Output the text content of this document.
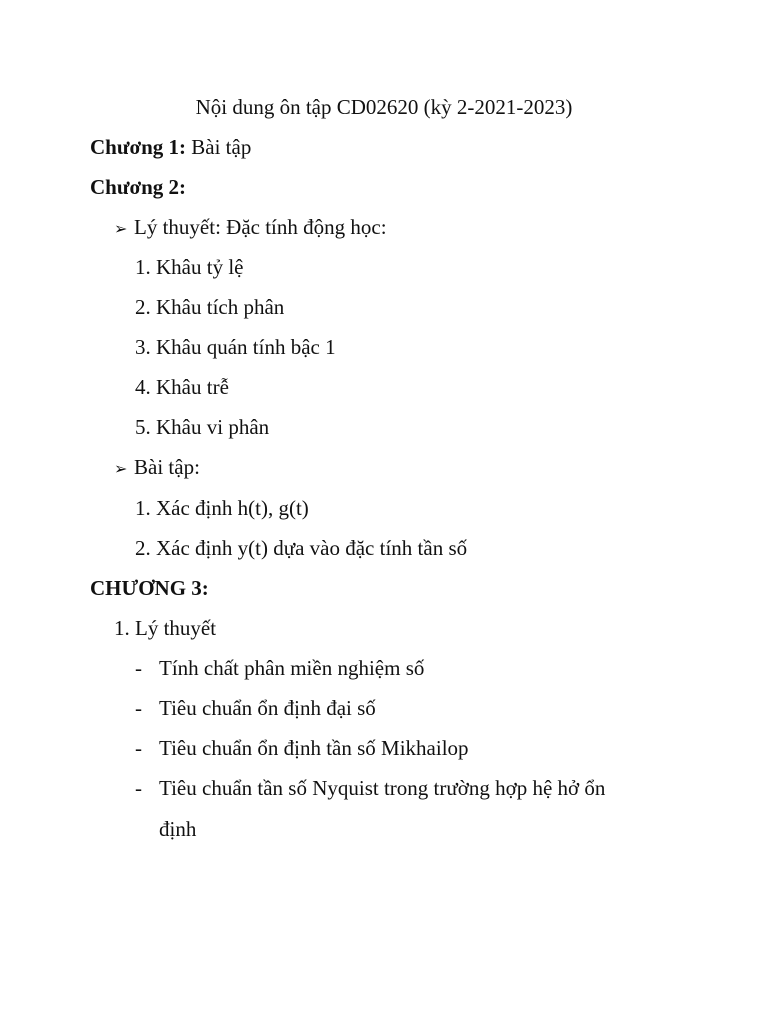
Nội dung ôn tập CD02620 (kỳ 2-2021-2023)
Chương 1: Bài tập
Chương 2:
➢ Lý thuyết: Đặc tính động học:
1. Khâu tỷ lệ
2. Khâu tích phân
3. Khâu quán tính bậc 1
4. Khâu trễ
5. Khâu vi phân
➢ Bài tập:
1. Xác định h(t), g(t)
2. Xác định y(t) dựa vào đặc tính tần số
CHƯƠNG 3:
1. Lý thuyết
- Tính chất phân miền nghiệm số
- Tiêu chuẩn ổn định đại số
- Tiêu chuẩn ổn định tần số Mikhailop
- Tiêu chuẩn tần số Nyquist trong trường hợp hệ hở ổn
định
